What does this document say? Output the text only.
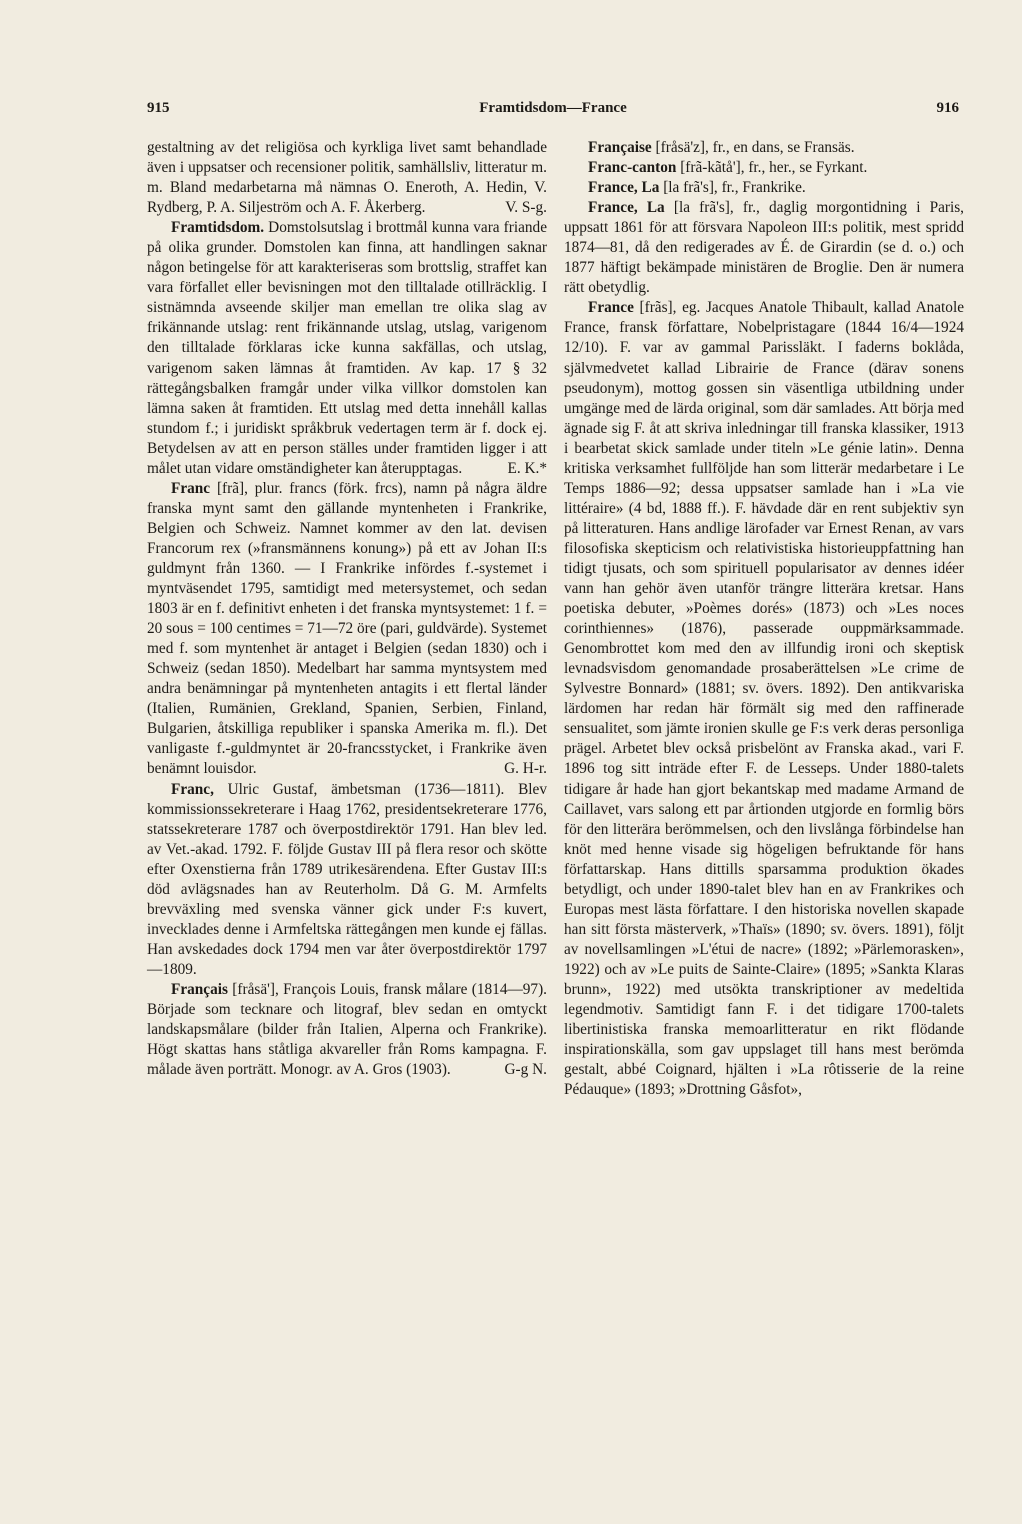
915	Framtidsdom—France	916

gestaltning av det religiösa och kyrkliga livet samt behandlade även i uppsatser och recensioner politik, samhällsliv, litteratur m. m. Bland medarbetarna må nämnas O. Eneroth, A. Hedin, V. Rydberg, P. A. Siljeström och A. F. Åkerberg.	V. S-g.

Framtidsdom. Domstolsutslag i brottmål kunna vara friande på olika grunder. Domstolen kan finna, att handlingen saknar någon betingelse för att karakteriseras som brottslig, straffet kan vara förfallet eller bevisningen mot den tilltalade otillräcklig. I sistnämnda avseende skiljer man emellan tre olika slag av frikännande utslag: rent frikännande utslag, utslag, varigenom den tilltalade förklaras icke kunna sakfällas, och utslag, varigenom saken lämnas åt framtiden. Av kap. 17 § 32 rättegångsbalken framgår under vilka villkor domstolen kan lämna saken åt framtiden. Ett utslag med detta innehåll kallas stundom f.; i juridiskt språkbruk vedertagen term är f. dock ej. Betydelsen av att en person ställes under framtiden ligger i att målet utan vidare omständigheter kan återupptagas.	E. K.*

Franc [frã], plur. francs (förk. frcs), namn på några äldre franska mynt samt den gällande myntenheten i Frankrike, Belgien och Schweiz. Namnet kommer av den lat. devisen Francorum rex (»fransmännens konung») på ett av Johan II:s guldmynt från 1360. — I Frankrike infördes f.-systemet i myntväsendet 1795, samtidigt med metersystemet, och sedan 1803 är en f. definitivt enheten i det franska myntsystemet: 1 f. = 20 sous = 100 centimes = 71—72 öre (pari, guldvärde). Systemet med f. som myntenhet är antaget i Belgien (sedan 1830) och i Schweiz (sedan 1850). Medelbart har samma myntsystem med andra benämningar på myntenheten antagits i ett flertal länder (Italien, Rumänien, Grekland, Spanien, Serbien, Finland, Bulgarien, åtskilliga republiker i spanska Amerika m. fl.). Det vanligaste f.-guldmyntet är 20-francsstycket, i Frankrike även benämnt louisdor.	G. H-r.

Franc, Ulric Gustaf, ämbetsman (1736—1811). Blev kommissionssekreterare i Haag 1762, presidentsekreterare 1776, statssekreterare 1787 och överpostdirektör 1791. Han blev led. av Vet.-akad. 1792. F. följde Gustav III på flera resor och skötte efter Oxenstierna från 1789 utrikesärendena. Efter Gustav III:s död avlägsnades han av Reuterholm. Då G. M. Armfelts brevväxling med svenska vänner gick under F:s kuvert, invecklades denne i Armfeltska rättegången men kunde ej fällas. Han avskedades dock 1794 men var åter överpostdirektör 1797—1809.

Français [fråsä'], François Louis, fransk målare (1814—97). Började som tecknare och litograf, blev sedan en omtyckt landskapsmålare (bilder från Italien, Alperna och Frankrike). Högt skattas hans ståtliga akvareller från Roms kampagna. F. målade även porträtt. Monogr. av A. Gros (1903).	G-g N.

Française [fråsä'z], fr., en dans, se Fransäs.

Franc-canton [frã-kãtå'], fr., her., se Fyrkant.

France, La [la frã's], fr., Frankrike.

France, La [la frã's], fr., daglig morgontidning i Paris, uppsatt 1861 för att försvara Napoleon III:s politik, mest spridd 1874—81, då den redigerades av É. de Girardin (se d. o.) och 1877 häftigt bekämpade ministären de Broglie. Den är numera rätt obetydlig.

France [frãs], eg. Jacques Anatole Thibault, kallad Anatole France, fransk författare, Nobelpristagare (1844 16/4—1924 12/10). F. var av gammal Parissläkt. I faderns boklåda, självmedvetet kallad Librairie de France (därav sonens pseudonym), mottog gossen sin väsentliga utbildning under umgänge med de lärda original, som där samlades. Att börja med ägnade sig F. åt att skriva inledningar till franska klassiker, 1913 i bearbetat skick samlade under titeln »Le génie latin». Denna kritiska verksamhet fullföljde han som litterär medarbetare i Le Temps 1886—92; dessa uppsatser samlade han i »La vie littéraire» (4 bd, 1888 ff.). F. hävdade där en rent subjektiv syn på litteraturen. Hans andlige lärofader var Ernest Renan, av vars filosofiska skepticism och relativistiska historieuppfattning han tidigt tjusats, och som spirituell popularisator av dennes idéer vann han gehör även utanför trängre litterära kretsar. Hans poetiska debuter, »Poèmes dorés» (1873) och »Les noces corinthiennes» (1876), passerade ouppmärksammade. Genombrottet kom med den av illfundig ironi och skeptisk levnadsvisdom genomandade prosaberättelsen »Le crime de Sylvestre Bonnard» (1881; sv. övers. 1892). Den antikvariska lärdomen har redan här förmält sig med den raffinerade sensualitet, som jämte ironien skulle ge F:s verk deras personliga prägel. Arbetet blev också prisbelönt av Franska akad., vari F. 1896 tog sitt inträde efter F. de Lesseps. Under 1880-talets tidigare år hade han gjort bekantskap med madame Armand de Caillavet, vars salong ett par årtionden utgjorde en formlig börs för den litterära berömmelsen, och den livslånga förbindelse han knöt med henne visade sig högeligen befruktande för hans författarskap. Hans dittills sparsamma produktion ökades betydligt, och under 1890-talet blev han en av Frankrikes och Europas mest lästa författare. I den historiska novellen skapade han sitt första mästerverk, »Thaïs» (1890; sv. övers. 1891), följt av novellsamlingen »L'étui de nacre» (1892; »Pärlemorasken», 1922) och av »Le puits de Sainte-Claire» (1895; »Sankta Klaras brunn», 1922) med utsökta transkriptioner av medeltida legendmotiv. Samtidigt fann F. i det tidigare 1700-talets libertinistiska franska memoarlitteratur en rikt flödande inspirationskälla, som gav uppslaget till hans mest berömda gestalt, abbé Coignard, hjälten i »La rôtisserie de la reine Pédauque» (1893; »Drottning Gåsfot»,
